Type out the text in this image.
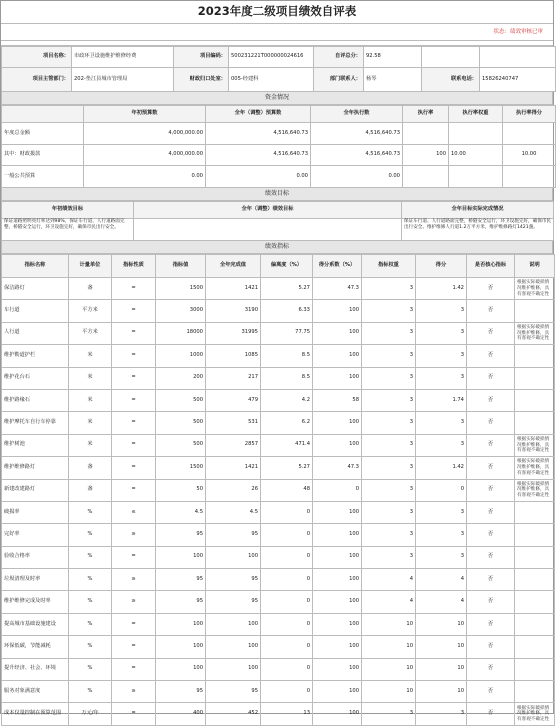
2023年度二级项目绩效自评表
状态：绩效审核已审
项目名称：	市政环卫设施维护维修经费	项目编码：	500231221T000000024616	自评总分：	92.58		
项目主管部门：	202-垫江县城市管理局	财政归口处室：	005-经建科	部门联系人：	杨琴	联系电话：	15826240747
资金情况
	年初预算数	全年（调整）预算数	全年执行数	执行率	执行率权重	执行率得分
年度总金额	4,000,000.00	4,516,640.73	4,516,640.73			
其中：财政拨款	4,000,000.00	4,516,640.73	4,516,640.73	100	10.00	10.00
一般公共预算	0.00	0.00	0.00			
绩效目标
年初绩效目标	全年（调整）绩效目标	全年目标实际完成情况
保证道路照明亮灯率达到98%，保证车行道、人行道路面完整，桥隧安全运行，环卫设施完好，确保市民出行安全。		保证车行道、人行道路面完整，桥隧安全运行，环卫设施完好，确保市民出行安全。维护维修人行道1.2万平方米，维护维修路灯1421盏。
绩效指标
指标名称	计量单位	指标性质	指标值	全年完成值	偏离度（%）	得分系数（%）	指标权重	得分	是否核心指标	说明
保洁路灯	盏	=	1500	1421	5.27	47.3	3	1.42	否	根据实际破损情况维护维修，具有客观不确定性
车行道	平方米	=	3000	3190	6.33	100	3	3	否	
人行道	平方米	=	18000	31995	77.75	100	3	3	否	根据实际破损情况维护维修，具有客观不确定性
维护勒道护栏	米	=	1000	1085	8.5	100	3	3	否	
维护花台石	米	=	200	217	8.5	100	3	3	否	
维护路缘石	米	=	500	479	4.2	58	3	1.74	否	
维护摩托车自行车停靠	米	=	500	531	6.2	100	3	3	否	
维护树池	米	=	500	2857	471.4	100	3	3	否	根据实际破损情况维护维修，具有客观不确定性
维护维修路灯	盏	=	1500	1421	5.27	47.3	3	1.42	否	根据实际破损情况维护维修，具有客观不确定性
新建改建路灯	盏	=	50	26	48	0	3	0	否	根据实际破损情况维护维修，具有客观不确定性
破损率	%	≤	4.5	4.5	0	100	3	3	否	
完好率	%	≥	95	95	0	100	3	3	否	
验收合格率	%	=	100	100	0	100	3	3	否	
垃圾清理及时率	%	≥	95	95	0	100	4	4	否	
维护维修完成及时率	%	≥	95	95	0	100	4	4	否	
提高城市基础设施建设	%	=	100	100	0	100	10	10	否	
环保低碳，节能减耗	%	=	100	100	0	100	10	10	否	
提升经济、社会、环境	%	=	100	100	0	100	10	10	否	
服务对象满意度	%	≥	95	95	0	100	10	10	否	
成本仅量控制在预算范围	万元/年	=	400	452	13	100	3	3	否	根据实际破损情况维护维修，具有客观不确定性
